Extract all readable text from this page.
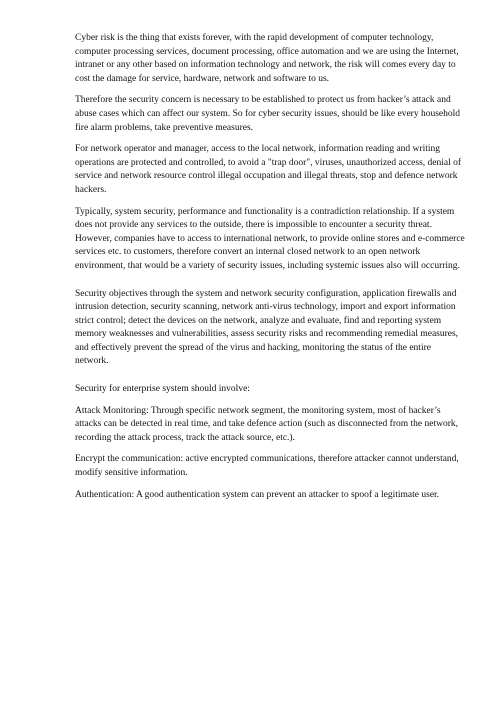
Cyber risk is the thing that exists forever, with the rapid development of computer technology, computer processing services, document processing, office automation and we are using the Internet, intranet or any other based on information technology and network, the risk will comes every day to cost the damage for service, hardware, network and software to us.

Therefore the security concern is necessary to be established to protect us from hacker’s attack and abuse cases which can affect our system. So for cyber security issues, should be like every household fire alarm problems, take preventive measures.

For network operator and manager, access to the local network, information reading and writing operations are protected and controlled, to avoid a "trap door", viruses, unauthorized access, denial of service and network resource control illegal occupation and illegal threats, stop and defence network hackers.

Typically, system security, performance and functionality is a contradiction relationship. If a system does not provide any services to the outside, there is impossible to encounter a security threat. However, companies have to access to international network, to provide online stores and e-commerce services etc. to customers, therefore convert an internal closed network to an open network environment, that would be a variety of security issues, including systemic issues also will occurring.

Security objectives through the system and network security configuration, application firewalls and intrusion detection, security scanning, network anti-virus technology, import and export information strict control; detect the devices on the network, analyze and evaluate, find and reporting system memory weaknesses and vulnerabilities, assess security risks and recommending remedial measures, and effectively prevent the spread of the virus and hacking, monitoring the status of the entire network.

Security for enterprise system should involve:

Attack Monitoring: Through specific network segment, the monitoring system, most of hacker’s attacks can be detected in real time, and take defence action (such as disconnected from the network, recording the attack process, track the attack source, etc.).

Encrypt the communication: active encrypted communications, therefore attacker cannot understand, modify sensitive information.

Authentication: A good authentication system can prevent an attacker to spoof a legitimate user.
